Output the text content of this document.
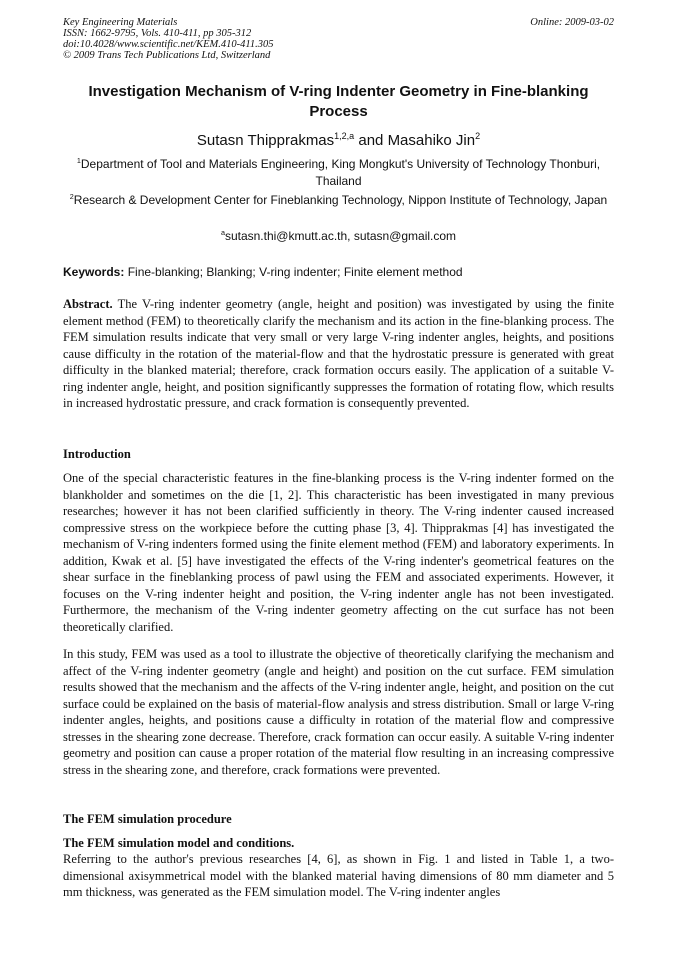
Key Engineering Materials
ISSN: 1662-9795, Vols. 410-411, pp 305-312
doi:10.4028/www.scientific.net/KEM.410-411.305
© 2009 Trans Tech Publications Ltd, Switzerland
Online: 2009-03-02
Investigation Mechanism of V-ring Indenter Geometry in Fine-blanking Process
Sutasn Thipprakmas$^{1,2,a}$ and Masahiko Jin$^2$
$^1$Department of Tool and Materials Engineering, King Mongkut's University of Technology Thonburi, Thailand
$^2$Research & Development Center for Fineblanking Technology, Nippon Institute of Technology, Japan
$^a$sutasn.thi@kmutt.ac.th, sutasn@gmail.com
Keywords: Fine-blanking; Blanking; V-ring indenter; Finite element method
Abstract. The V-ring indenter geometry (angle, height and position) was investigated by using the finite element method (FEM) to theoretically clarify the mechanism and its action in the fine-blanking process. The FEM simulation results indicate that very small or very large V-ring indenter angles, heights, and positions cause difficulty in the rotation of the material-flow and that the hydrostatic pressure is generated with great difficulty in the blanked material; therefore, crack formation occurs easily. The application of a suitable V-ring indenter angle, height, and position significantly suppresses the formation of rotating flow, which results in increased hydrostatic pressure, and crack formation is consequently prevented.
Introduction
One of the special characteristic features in the fine-blanking process is the V-ring indenter formed on the blankholder and sometimes on the die [1, 2]. This characteristic has been investigated in many previous researches; however it has not been clarified sufficiently in theory. The V-ring indenter caused increased compressive stress on the workpiece before the cutting phase [3, 4]. Thipprakmas [4] has investigated the mechanism of V-ring indenters formed using the finite element method (FEM) and laboratory experiments. In addition, Kwak et al. [5] have investigated the effects of the V-ring indenter's geometrical features on the shear surface in the fineblanking process of pawl using the FEM and associated experiments. However, it focuses on the V-ring indenter height and position, the V-ring indenter angle has not been investigated. Furthermore, the mechanism of the V-ring indenter geometry affecting on the cut surface has not been theoretically clarified.
In this study, FEM was used as a tool to illustrate the objective of theoretically clarifying the mechanism and affect of the V-ring indenter geometry (angle and height) and position on the cut surface. FEM simulation results showed that the mechanism and the affects of the V-ring indenter angle, height, and position on the cut surface could be explained on the basis of material-flow analysis and stress distribution. Small or large V-ring indenter angles, heights, and positions cause a difficulty in rotation of the material flow and compressive stresses in the shearing zone decrease. Therefore, crack formation can occur easily. A suitable V-ring indenter geometry and position can cause a proper rotation of the material flow resulting in an increasing compressive stress in the shearing zone, and therefore, crack formations were prevented.
The FEM simulation procedure
The FEM simulation model and conditions.
Referring to the author's previous researches [4, 6], as shown in Fig. 1 and listed in Table 1, a two-dimensional axisymmetrical model with the blanked material having dimensions of 80 mm diameter and 5 mm thickness, was generated as the FEM simulation model. The V-ring indenter angles
